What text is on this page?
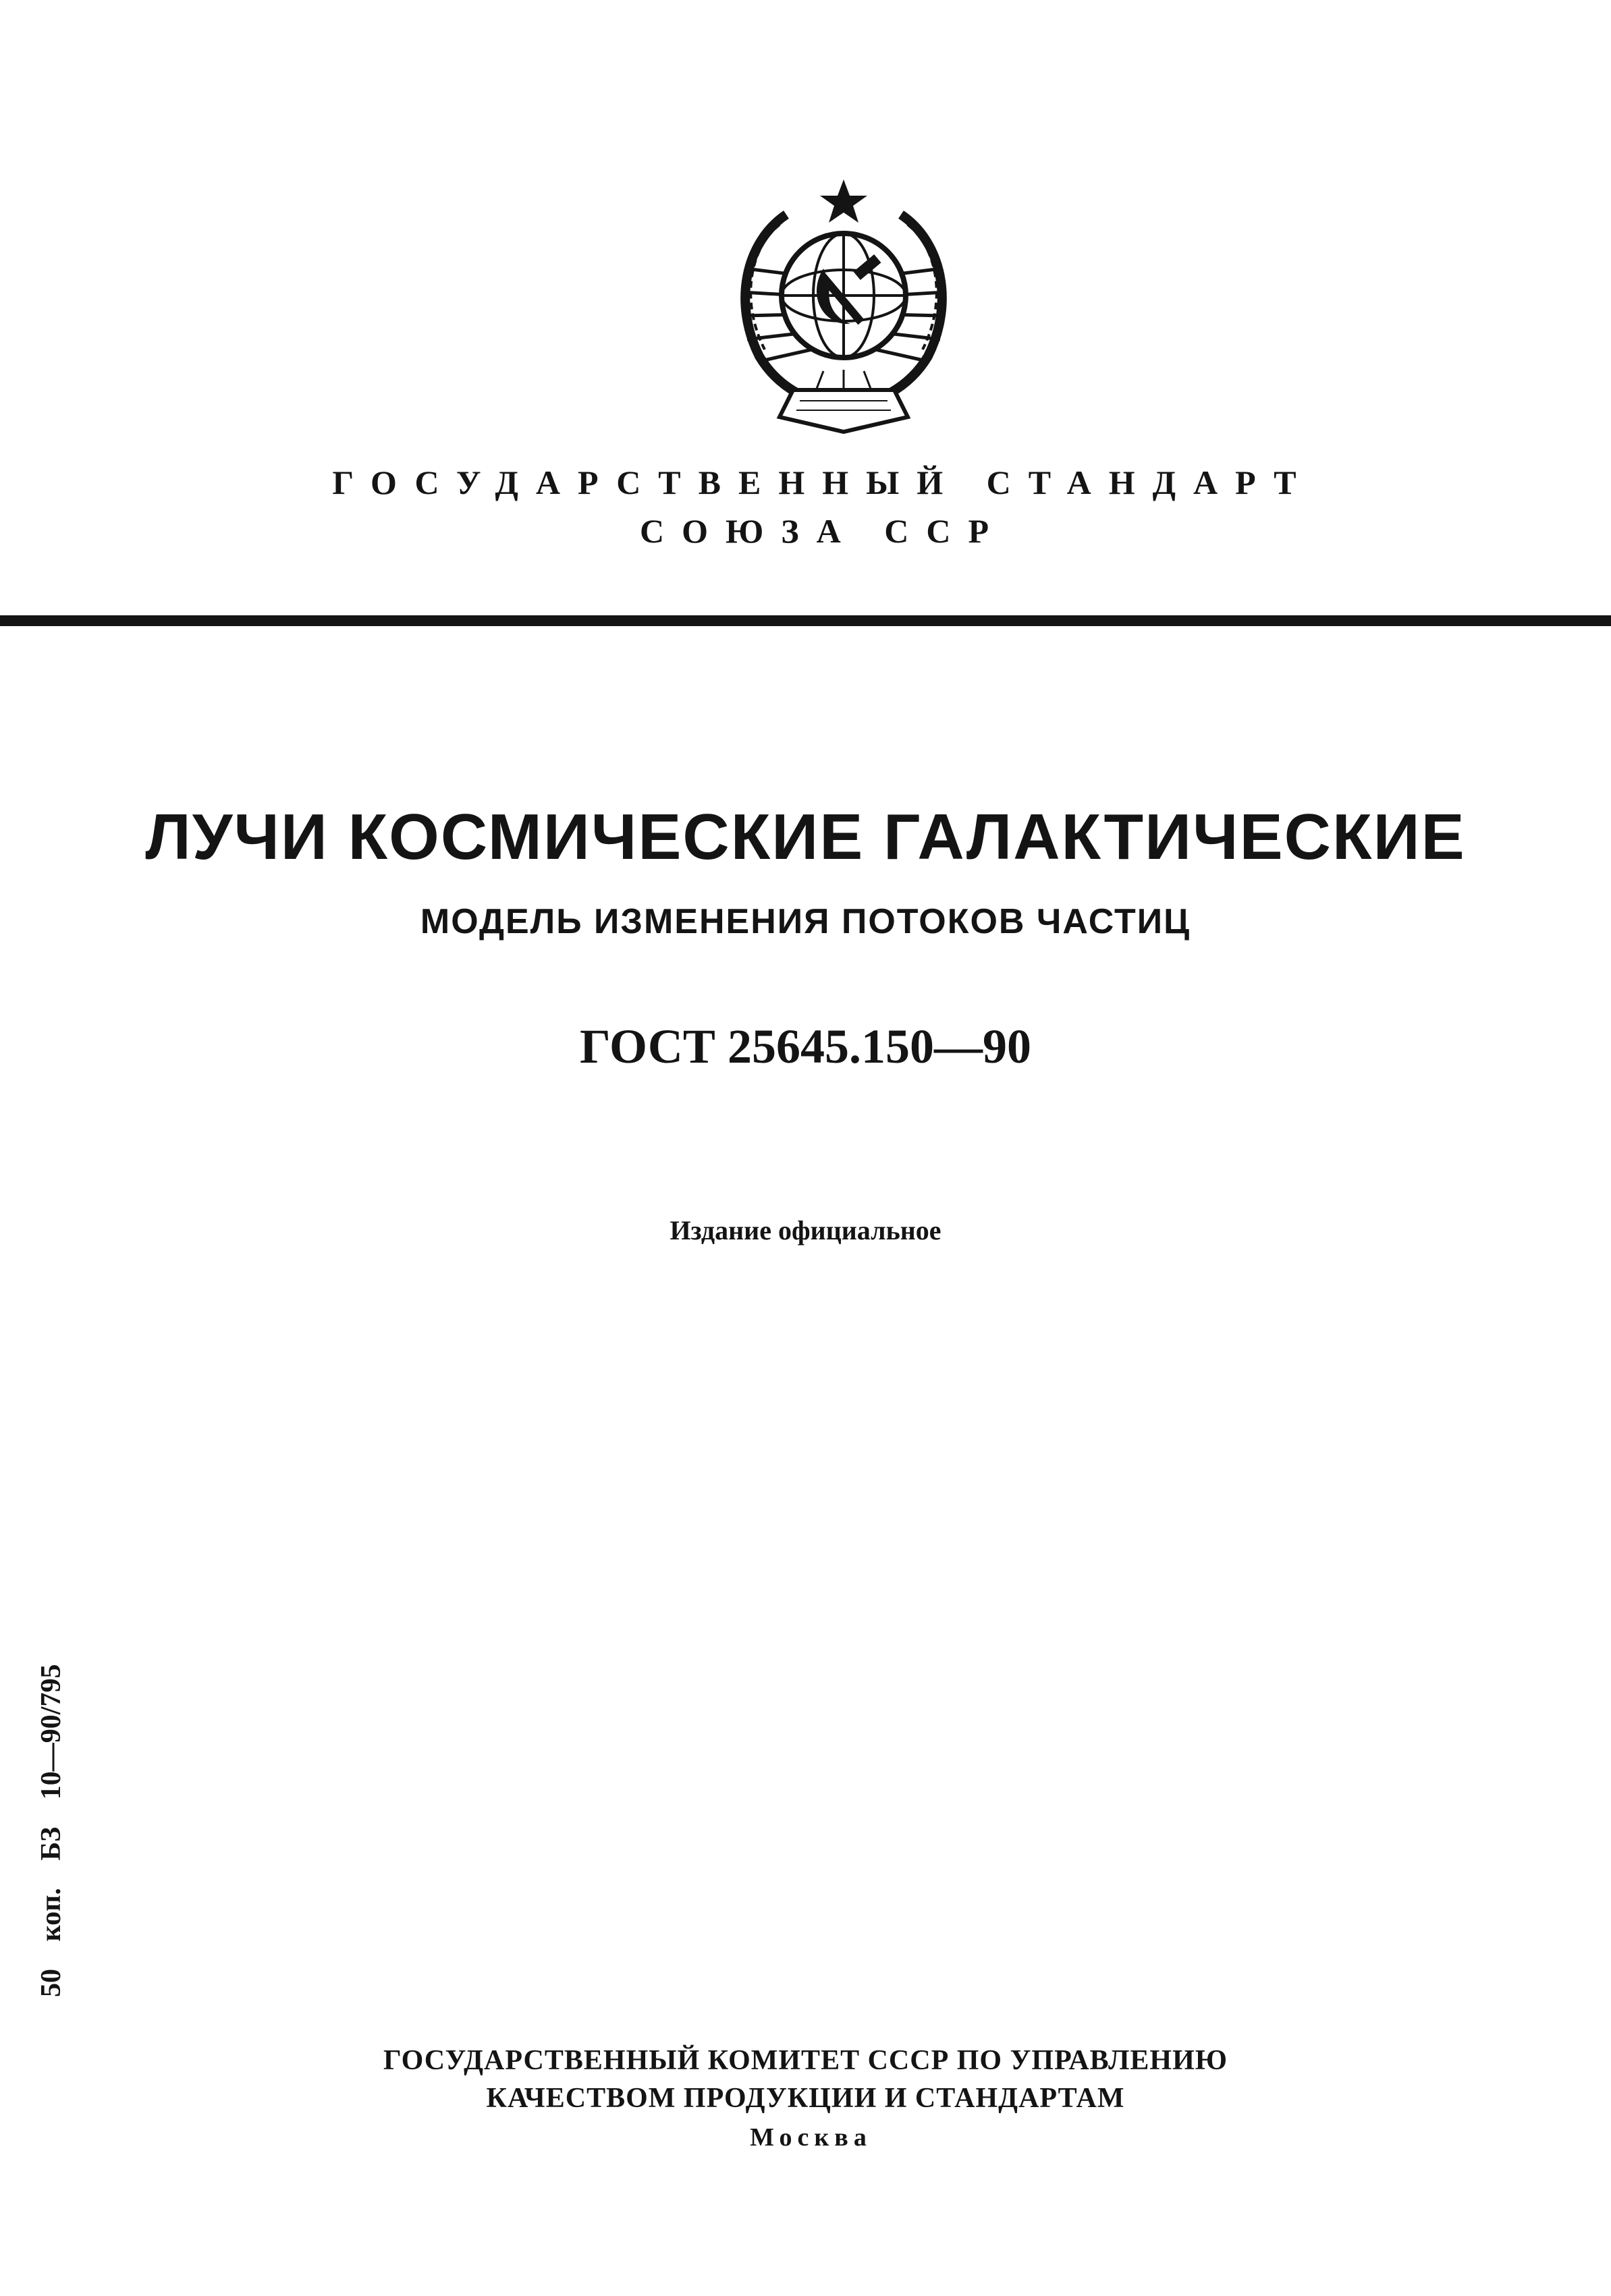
ГОСУДАРСТВЕННЫЙ СТАНДАРТ
СОЮЗА ССР
ЛУЧИ КОСМИЧЕСКИЕ ГАЛАКТИЧЕСКИЕ
МОДЕЛЬ ИЗМЕНЕНИЯ ПОТОКОВ ЧАСТИЦ
ГОСТ 25645.150—90
Издание официальное
50 коп. БЗ 10—90/795
ГОСУДАРСТВЕННЫЙ КОМИТЕТ СССР ПО УПРАВЛЕНИЮ
КАЧЕСТВОМ ПРОДУКЦИИ И СТАНДАРТАМ
Москва
